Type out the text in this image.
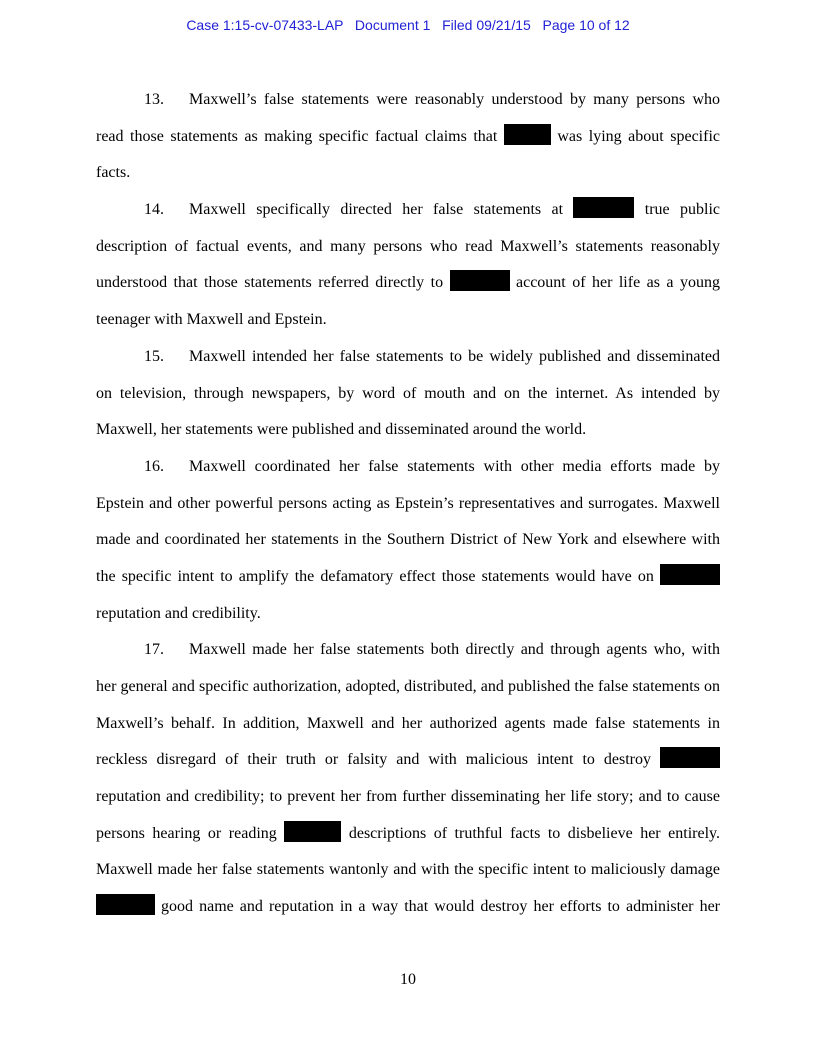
Case 1:15-cv-07433-LAP   Document 1   Filed 09/21/15   Page 10 of 12
13. Maxwell’s false statements were reasonably understood by many persons who
read those statements as making specific factual claims that	was lying about specific
facts.
14. Maxwell specifically directed her false statements at	true public
description of factual events, and many persons who read Maxwell’s statements reasonably
understood that those statements referred directly to	account of her life as a young
teenager with Maxwell and Epstein.
15. Maxwell intended her false statements to be widely published and disseminated
on television, through newspapers, by word of mouth and on the internet. As intended by
Maxwell, her statements were published and disseminated around the world.
16. Maxwell coordinated her false statements with other media efforts made by
Epstein and other powerful persons acting as Epstein’s representatives and surrogates. Maxwell
made and coordinated her statements in the Southern District of New York and elsewhere with
the specific intent to amplify the defamatory effect those statements would have on
reputation and credibility.
17. Maxwell made her false statements both directly and through agents who, with
her general and specific authorization, adopted, distributed, and published the false statements on
Maxwell’s behalf. In addition, Maxwell and her authorized agents made false statements in
reckless disregard of their truth or falsity and with malicious intent to destroy
reputation and credibility; to prevent her from further disseminating her life story; and to cause
persons hearing or reading	descriptions of truthful facts to disbelieve her entirely.
Maxwell made her false statements wantonly and with the specific intent to maliciously damage
good name and reputation in a way that would destroy her efforts to administer her
10
